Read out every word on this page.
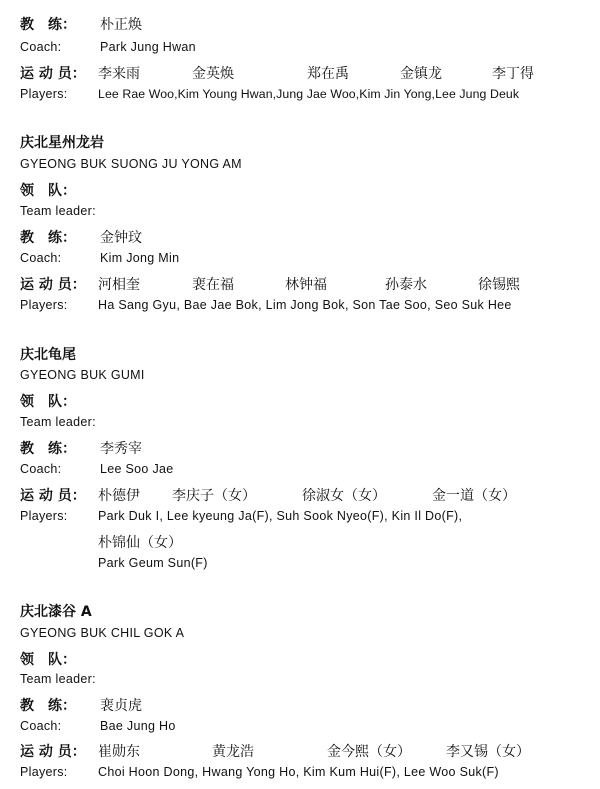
教　练： 朴正焕
Coach:	Park Jung Hwan
运 动 员： 李来雨	金英焕	郑在禹	金镇龙	李丁得
Players: Lee Rae Woo,Kim Young Hwan,Jung Jae Woo,Kim Jin Yong,Lee Jung Deuk
庆北星州龙岩
GYEONG BUK SUONG JU YONG AM
领　队：
Team leader:
教　练： 金钟玟
Coach:	Kim Jong Min
运 动 员： 河相奎	裵在福	林钟福	孙泰水	徐锡熙
Players: Ha Sang Gyu, Bae Jae Bok, Lim Jong Bok, Son Tae Soo, Seo Suk Hee
庆北龟尾
GYEONG BUK GUMI
领　队：
Team leader:
教　练： 李秀宰
Coach:	Lee Soo Jae
运 动 员： 朴德伊 李庆子（女）	徐淑女（女）	金一道（女）
Players: Park Duk I, Lee kyeung Ja(F), Suh Sook Nyeo(F), Kin Il Do(F),
朴锦仙（女）
Park Geum Sun(F)
庆北漆谷 A
GYEONG BUK CHIL GOK A
领　队：
Team leader:
教　练： 裵贞虎
Coach:	Bae Jung Ho
运 动 员： 崔勋东	黄龙浩	金今熙（女）	李又锡（女）
Players: Choi Hoon Dong, Hwang Yong Ho, Kim Kum Hui(F), Lee Woo Suk(F)
